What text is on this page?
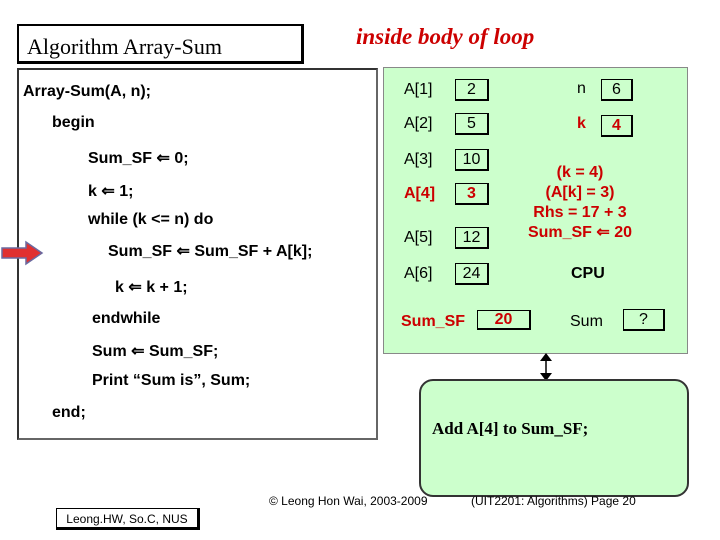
Algorithm Array-Sum	inside body of loop
Array-Sum(A, n);
begin
Sum_SF ⇐ 0;
k ⇐ 1;
while (k <= n) do
Sum_SF ⇐ Sum_SF + A[k];
k ⇐ k + 1;
endwhile
Sum ⇐ Sum_SF;
Print “Sum is”, Sum;
end;
A[1]	2
A[2]	5
A[3]	10
A[4]	3
A[5]	12
A[6]	24
n	6
k	4
(k = 4)
(A[k] = 3)
Rhs = 17 + 3
Sum_SF ⇐ 20
CPU
Sum_SF	20	Sum	?
Add A[4] to Sum_SF;
Leong.HW, So.C, NUS
© Leong Hon Wai, 2003-2009	(UIT2201: Algorithms) Page 20
